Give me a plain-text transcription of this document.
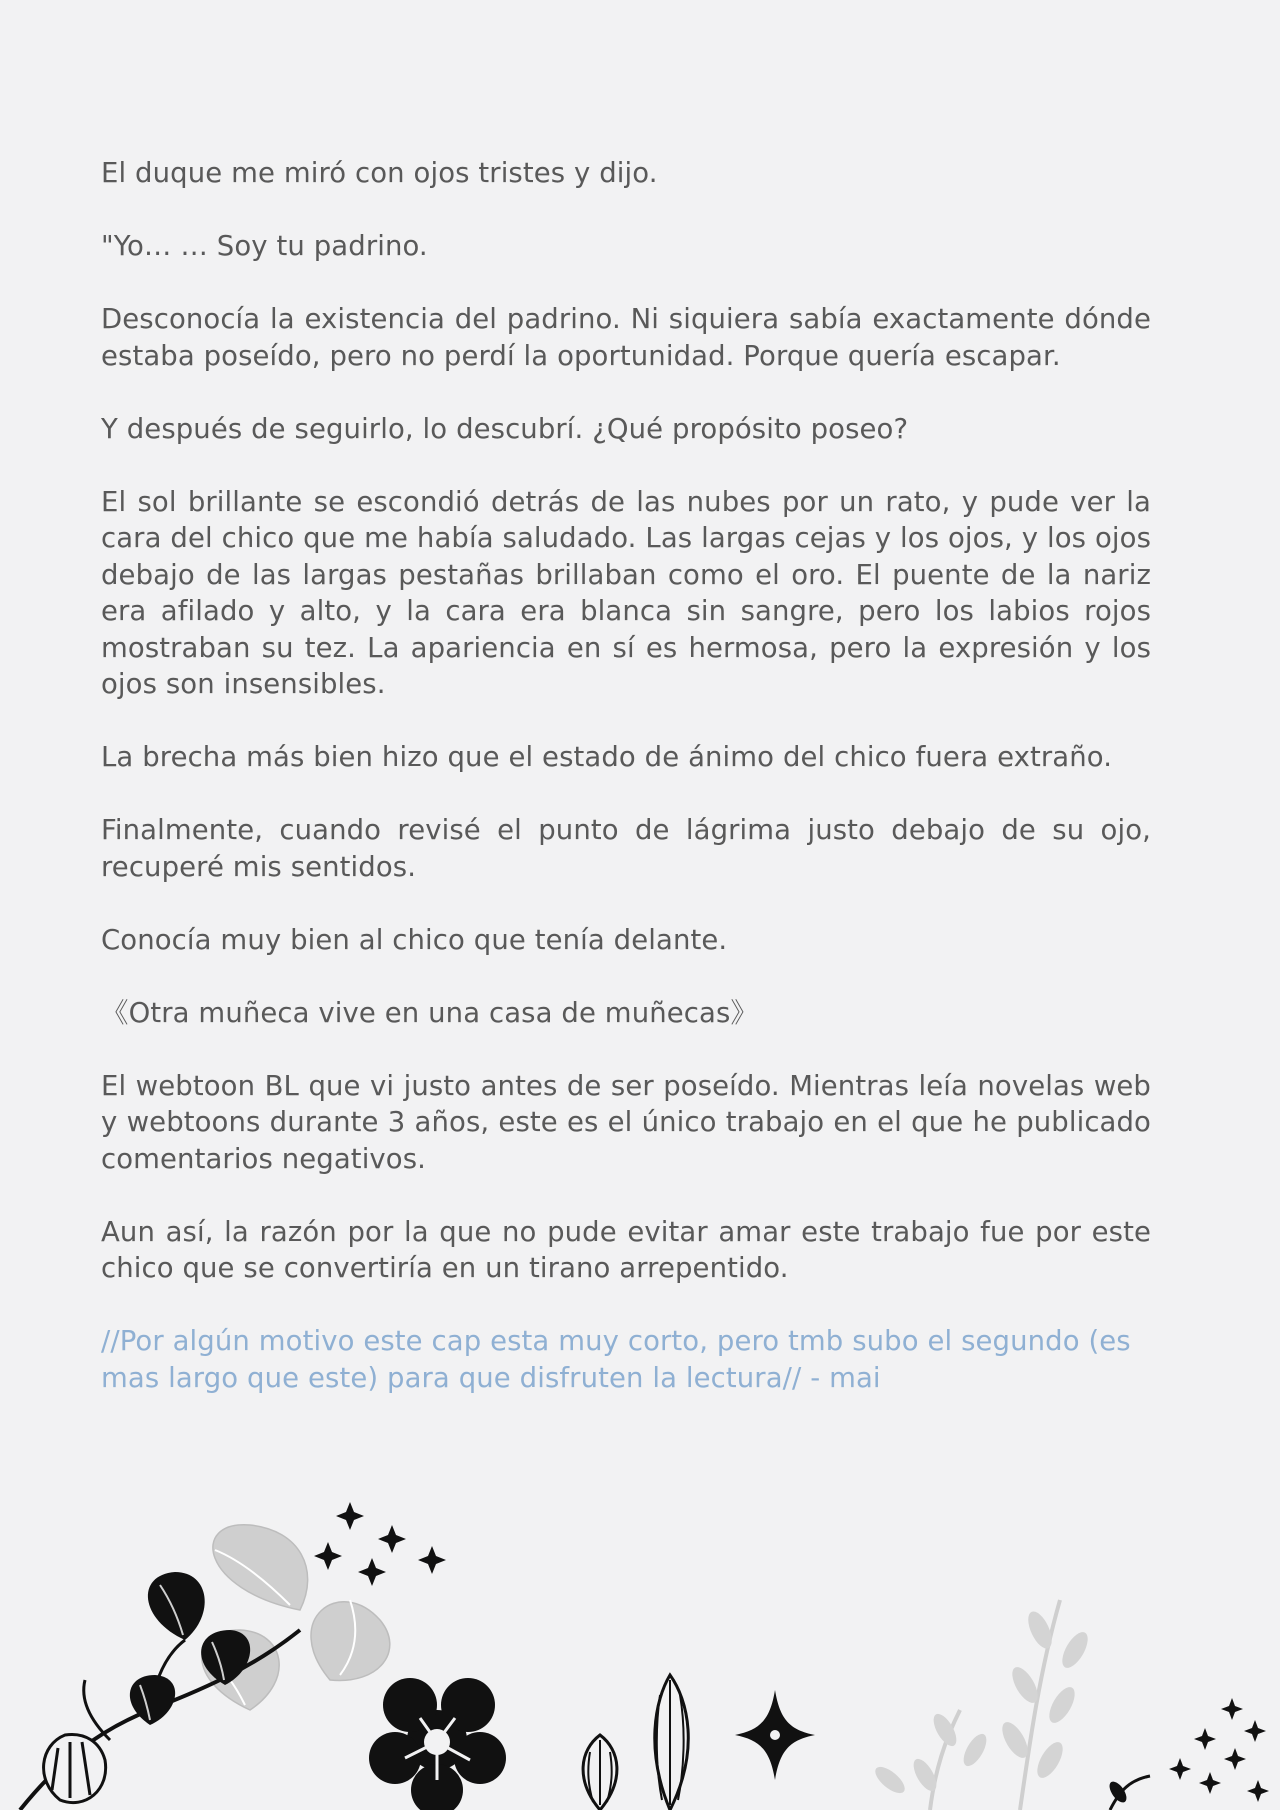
El duque me miró con ojos tristes y dijo.

"Yo… … Soy tu padrino.

Desconocía la existencia del padrino. Ni siquiera sabía exactamente dónde estaba poseído, pero no perdí la oportunidad. Porque quería escapar.

Y después de seguirlo, lo descubrí. ¿Qué propósito poseo?

El sol brillante se escondió detrás de las nubes por un rato, y pude ver la cara del chico que me había saludado. Las largas cejas y los ojos, y los ojos debajo de las largas pestañas brillaban como el oro. El puente de la nariz era afilado y alto, y la cara era blanca sin sangre, pero los labios rojos mostraban su tez. La apariencia en sí es hermosa, pero la expresión y los ojos son insensibles.

La brecha más bien hizo que el estado de ánimo del chico fuera extraño.

Finalmente, cuando revisé el punto de lágrima justo debajo de su ojo, recuperé mis sentidos.

Conocía muy bien al chico que tenía delante.

《Otra muñeca vive en una casa de muñecas》

El webtoon BL que vi justo antes de ser poseído. Mientras leía novelas web y webtoons durante 3 años, este es el único trabajo en el que he publicado comentarios negativos.

Aun así, la razón por la que no pude evitar amar este trabajo fue por este chico que se convertiría en un tirano arrepentido.

//Por algún motivo este cap esta muy corto, pero tmb subo el segundo (es mas largo que este) para que disfruten la lectura// - mai
